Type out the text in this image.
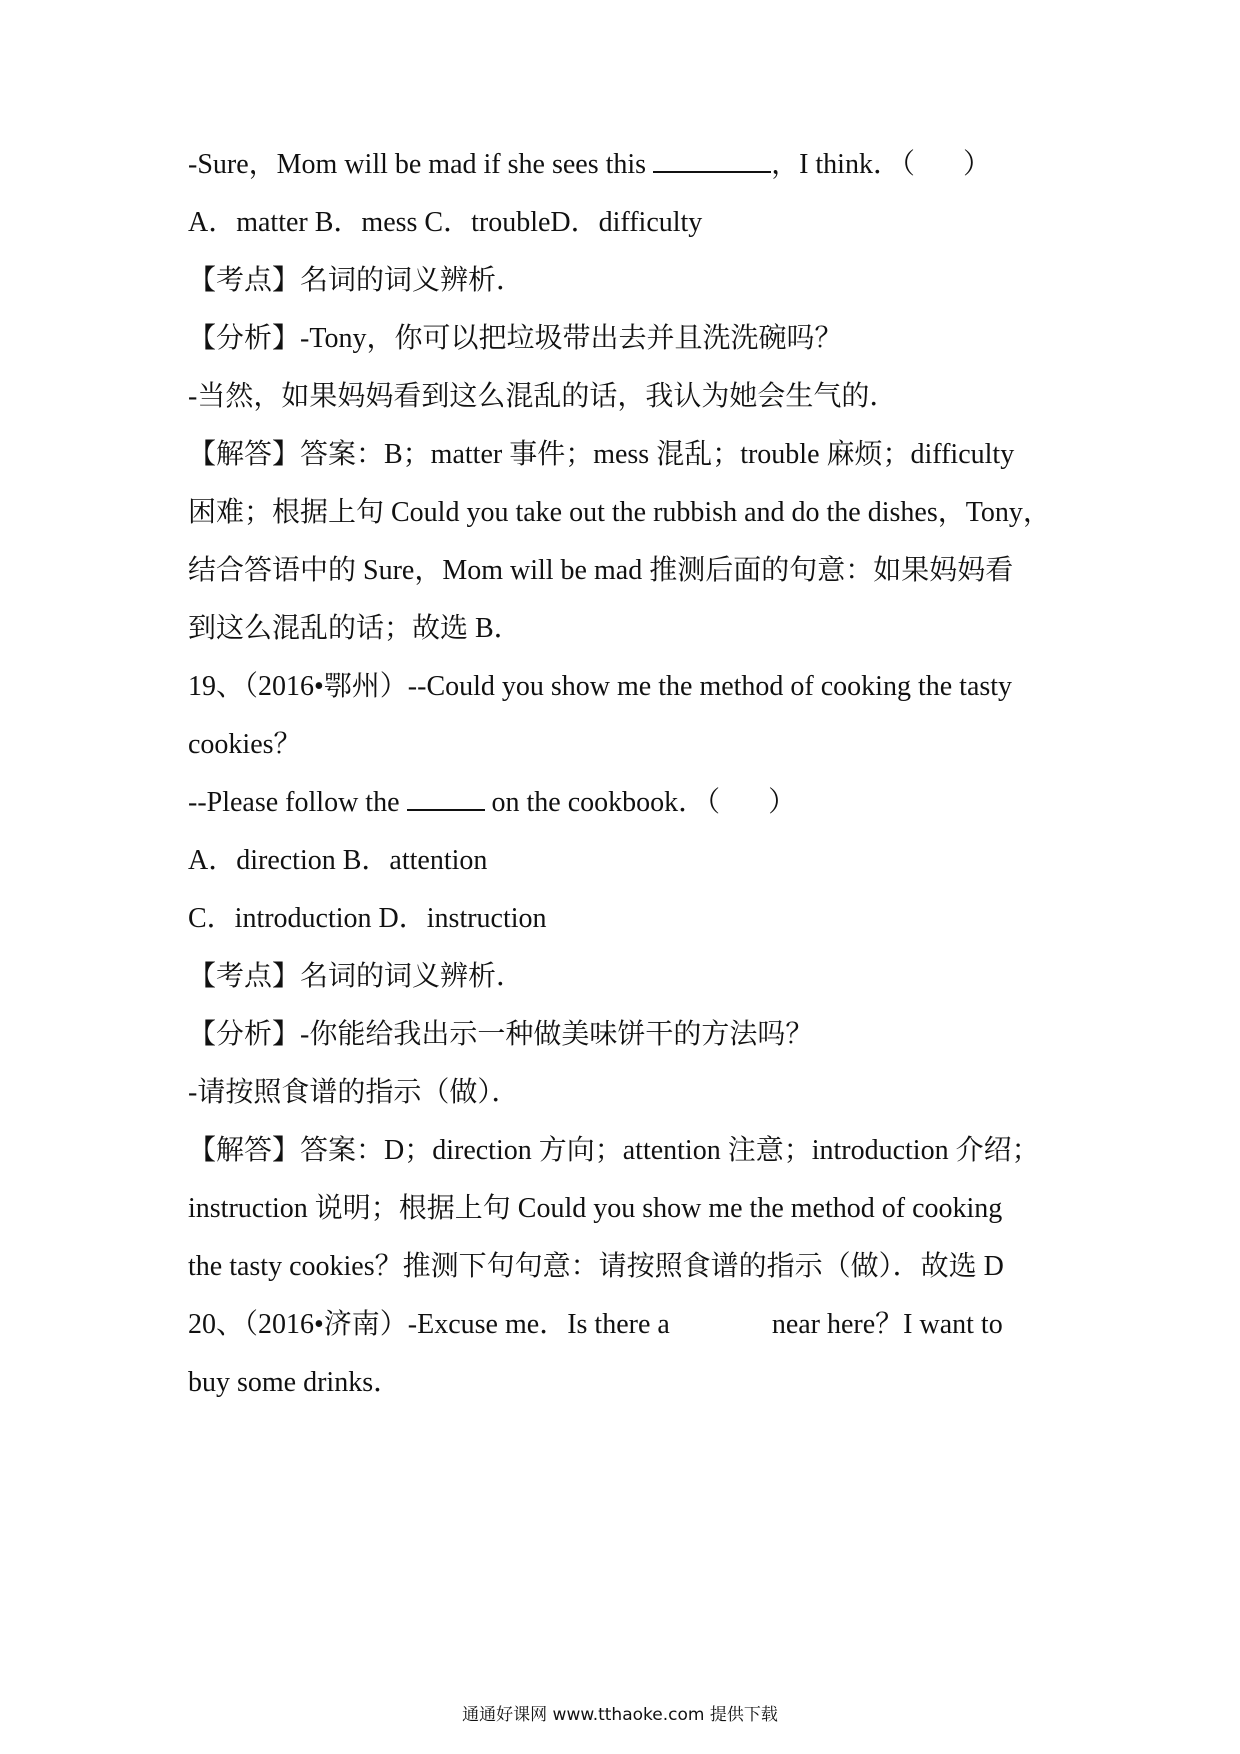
-Sure，Mom will be mad if she sees this	，I think．（ ）
A．matter B．mess C．troubleD．difficulty
【考点】名词的词义辨析．
【分析】-Tony，你可以把垃圾带出去并且洗洗碗吗？
-当然，如果妈妈看到这么混乱的话，我认为她会生气的．
【解答】答案：B；matter 事件；mess 混乱；trouble 麻烦；difficulty
困难；根据上句 Could you take out the rubbish and do the dishes，Tony，
结合答语中的 Sure，Mom will be mad 推测后面的句意：如果妈妈看
到这么混乱的话；故选 B．
19、（2016•鄂州）--Could you show me the method of cooking the tasty
cookies？
--Please follow the	on the cookbook．（ ）
A．direction B．attention
C．introduction D．instruction
【考点】名词的词义辨析．
【分析】-你能给我出示一种做美味饼干的方法吗？
-请按照食谱的指示（做）．
【解答】答案：D；direction 方向；attention 注意；introduction 介绍；
instruction 说明；根据上句 Could you show me the method of cooking
the tasty cookies？推测下句句意：请按照食谱的指示（做）．故选 D
20、（2016•济南）-Excuse me．Is there a	near here？I want to
buy some drinks．
通通好课网 www.tthaoke.com 提供下载
